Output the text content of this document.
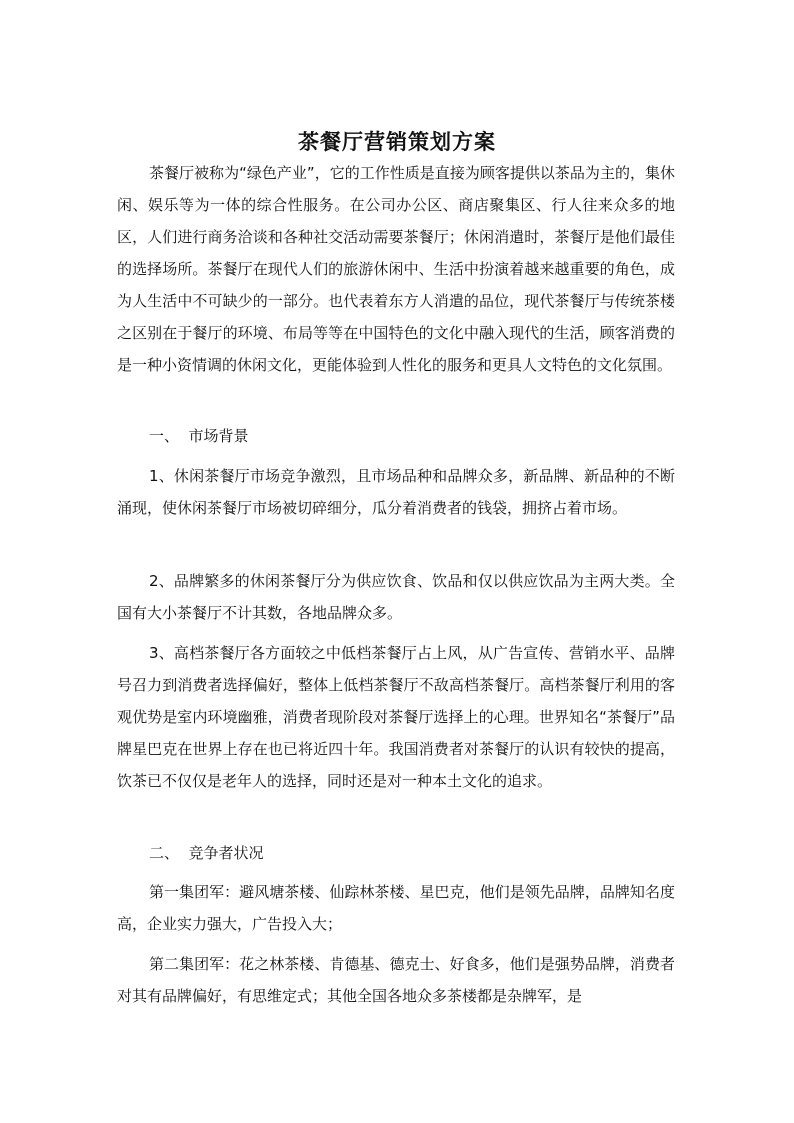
茶餐厅营销策划方案

茶餐厅被称为“绿色产业”，它的工作性质是直接为顾客提供以茶品为主的，集休闲、娱乐等为一体的综合性服务。在公司办公区、商店聚集区、行人往来众多的地区，人们进行商务洽谈和各种社交活动需要茶餐厅；休闲消遣时，茶餐厅是他们最佳的选择场所。茶餐厅在现代人们的旅游休闲中、生活中扮演着越来越重要的角色，成为人生活中不可缺少的一部分。也代表着东方人消遣的品位，现代茶餐厅与传统茶楼之区别在于餐厅的环境、布局等等在中国特色的文化中融入现代的生活，顾客消费的是一种小资情调的休闲文化，更能体验到人性化的服务和更具人文特色的文化氛围。

一、  市场背景

1、休闲茶餐厅市场竞争激烈，且市场品种和品牌众多，新品牌、新品种的不断涌现，使休闲茶餐厅市场被切碎细分，瓜分着消费者的钱袋，拥挤占着市场。

2、品牌繁多的休闲茶餐厅分为供应饮食、饮品和仅以供应饮品为主两大类。全国有大小茶餐厅不计其数，各地品牌众多。

3、高档茶餐厅各方面较之中低档茶餐厅占上风，从广告宣传、营销水平、品牌号召力到消费者选择偏好，整体上低档茶餐厅不敌高档茶餐厅。高档茶餐厅利用的客观优势是室内环境幽雅，消费者现阶段对茶餐厅选择上的心理。世界知名“茶餐厅”品牌星巴克在世界上存在也已将近四十年。我国消费者对茶餐厅的认识有较快的提高，饮茶已不仅仅是老年人的选择，同时还是对一种本土文化的追求。

二、  竞争者状况

第一集团军：避风塘茶楼、仙踪林茶楼、星巴克，他们是领先品牌，品牌知名度高，企业实力强大，广告投入大；

第二集团军：花之林茶楼、肯德基、德克士、好食多，他们是强势品牌，消费者对其有品牌偏好，有思维定式；其他全国各地众多茶楼都是杂牌军，是
